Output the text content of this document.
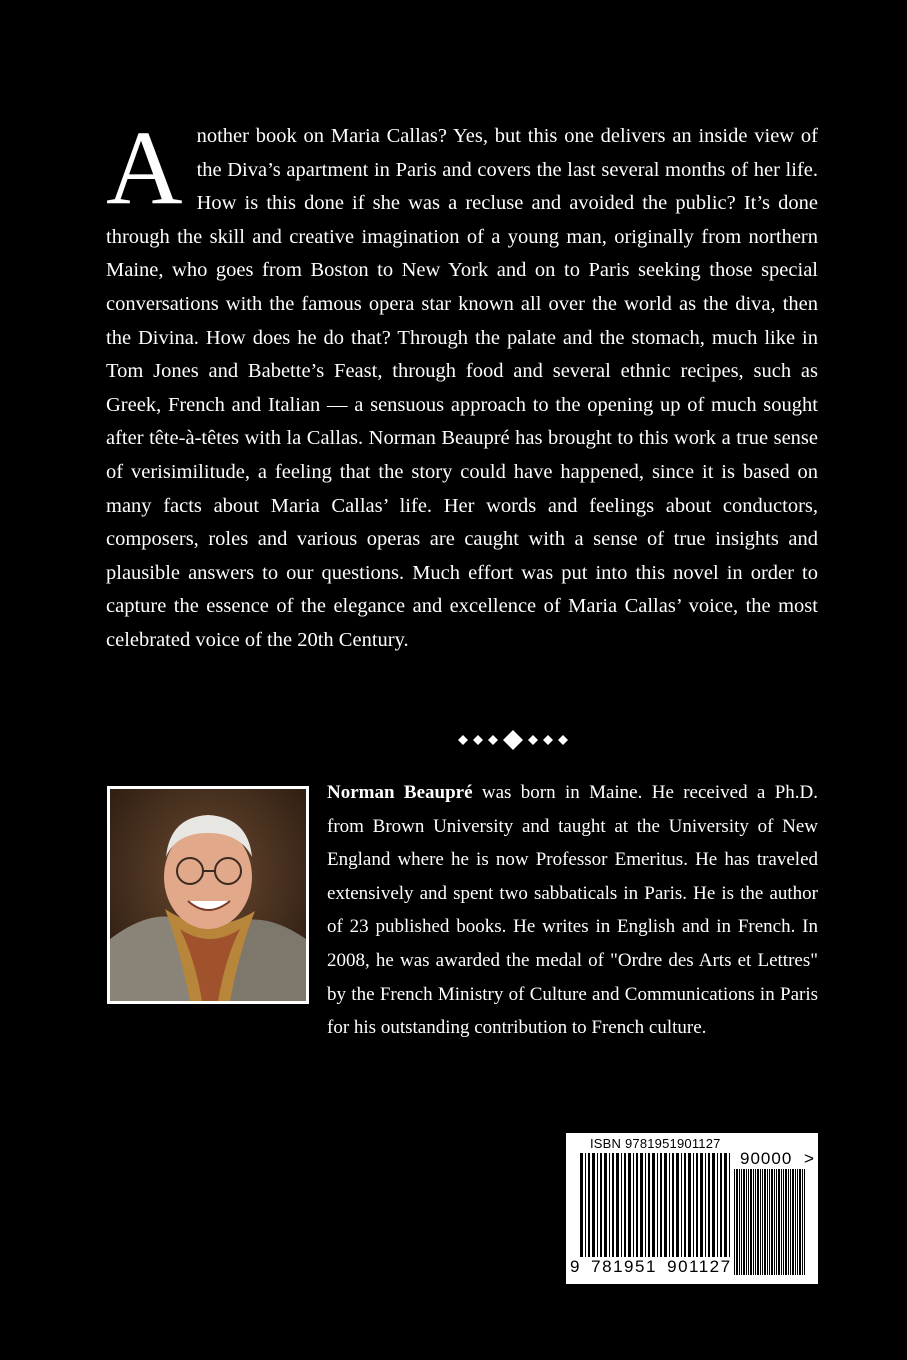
Another book on Maria Callas? Yes, but this one delivers an inside view of the Diva’s apartment in Paris and covers the last several months of her life. How is this done if she was a recluse and avoided the public? It’s done through the skill and creative imagination of a young man, originally from northern Maine, who goes from Boston to New York and on to Paris seeking those special conversations with the famous opera star known all over the world as the diva, then the Divina. How does he do that? Through the palate and the stomach, much like in Tom Jones and Babette’s Feast, through food and several ethnic recipes, such as Greek, French and Italian — a sensuous approach to the opening up of much sought after tête-à-têtes with la Callas. Norman Beaupré has brought to this work a true sense of verisimilitude, a feeling that the story could have happened, since it is based on many facts about Maria Callas’ life. Her words and feelings about conductors, composers, roles and various operas are caught with a sense of true insights and plausible answers to our questions. Much effort was put into this novel in order to capture the essence of the elegance and excellence of Maria Callas’ voice, the most celebrated voice of the 20th Century.
Norman Beaupré was born in Maine. He received a Ph.D. from Brown University and taught at the University of New England where he is now Professor Emeritus. He has traveled extensively and spent two sabbaticals in Paris. He is the author of 23 published books. He writes in English and in French. In 2008, he was awarded the medal of "Ordre des Arts et Lettres" by the French Ministry of Culture and Communications in Paris for his outstanding contribution to French culture.
ISBN 9781951901127
90000 >
9 781951 901127
